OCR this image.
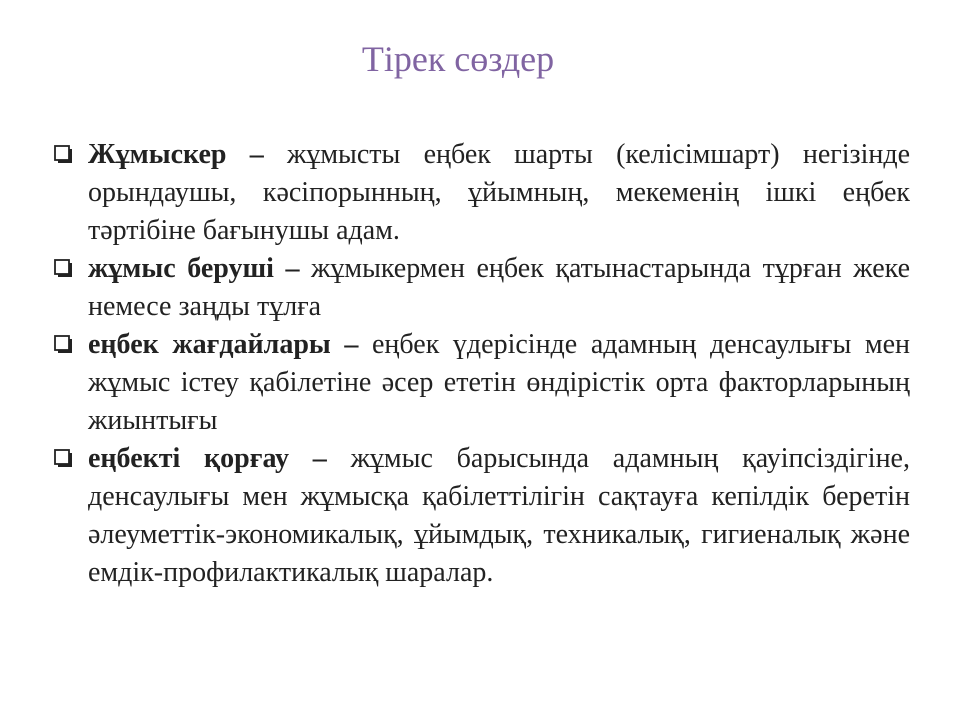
Тірек сөздер
Жұмыскер – жұмысты еңбек шарты (келісімшарт) негізінде орындаушы, кәсіпорынның, ұйымның, мекеменің ішкі еңбек тәртібіне бағынушы адам.
жұмыс беруші – жұмыкермен еңбек қатынастарында тұрған жеке немесе заңды тұлға
еңбек жағдайлары – еңбек үдерісінде адамның денсаулығы мен жұмыс істеу қабілетіне әсер ететін өндірістік орта факторларының жиынтығы
еңбекті қорғау – жұмыс барысында адамның қауіпсіздігіне, денсаулығы мен жұмысқа қабілеттілігін сақтауға кепілдік беретін әлеуметтік-экономикалық, ұйымдық, техникалық, гигиеналық және емдік-профилактикалық шаралар.
